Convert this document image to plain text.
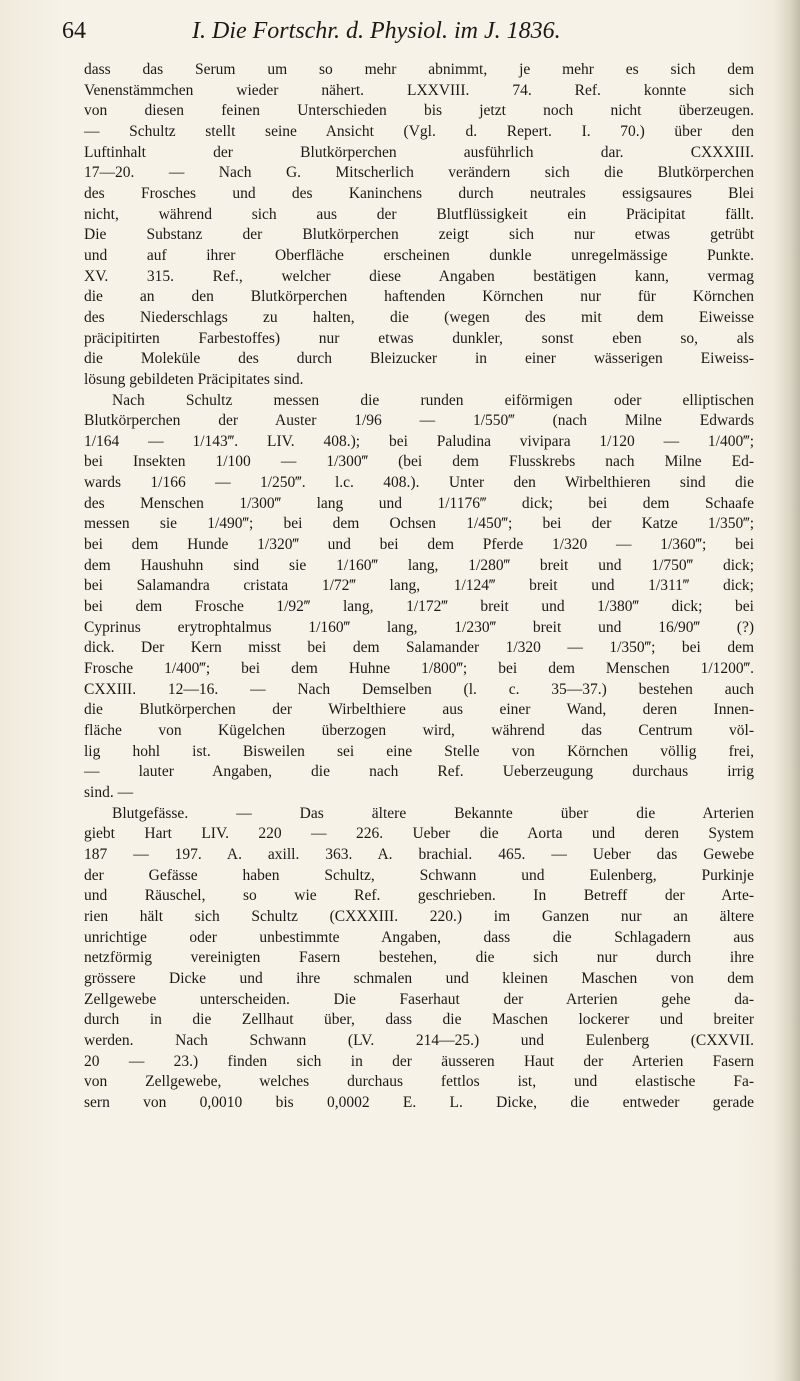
64	I. Die Fortschr. d. Physiol. im J. 1836.

dass das Serum um so mehr abnimmt, je mehr es sich dem

Venenstämmchen wieder nähert. LXXVIII. 74. Ref. konnte sich

von diesen feinen Unterschieden bis jetzt noch nicht überzeugen.

— Schultz stellt seine Ansicht (Vgl. d. Repert. I. 70.) über den

Luftinhalt der Blutkörperchen ausführlich dar. CXXXIII.

17—20. — Nach G. Mitscherlich verändern sich die Blutkörperchen

des Frosches und des Kaninchens durch neutrales essigsaures Blei

nicht, während sich aus der Blutflüssigkeit ein Präcipitat fällt.

Die Substanz der Blutkörperchen zeigt sich nur etwas getrübt

und auf ihrer Oberfläche erscheinen dunkle unregelmässige Punkte.

XV. 315. Ref., welcher diese Angaben bestätigen kann, vermag

die an den Blutkörperchen haftenden Körnchen nur für Körnchen

des Niederschlags zu halten, die (wegen des mit dem Eiweisse

präcipitirten Farbestoffes) nur etwas dunkler, sonst eben so, als

die Moleküle des durch Bleizucker in einer wässerigen Eiweiss-

lösung gebildeten Präcipitates sind.

Nach Schultz messen die runden eiförmigen oder elliptischen

Blutkörperchen der Auster 1/96 — 1/550‴ (nach Milne Edwards

1/164 — 1/143‴. LIV. 408.); bei Paludina vivipara 1/120 — 1/400‴;

bei Insekten 1/100 — 1/300‴ (bei dem Flusskrebs nach Milne Ed-

wards 1/166 — 1/250‴. l.c. 408.). Unter den Wirbelthieren sind die

des Menschen 1/300‴ lang und 1/1176‴ dick; bei dem Schaafe

messen sie 1/490‴; bei dem Ochsen 1/450‴; bei der Katze 1/350‴;

bei dem Hunde 1/320‴ und bei dem Pferde 1/320 — 1/360‴; bei

dem Haushuhn sind sie 1/160‴ lang, 1/280‴ breit und 1/750‴ dick;

bei Salamandra cristata 1/72‴ lang, 1/124‴ breit und 1/311‴ dick;

bei dem Frosche 1/92‴ lang, 1/172‴ breit und 1/380‴ dick; bei

Cyprinus erytrophtalmus 1/160‴ lang, 1/230‴ breit und 16/90‴ (?)

dick. Der Kern misst bei dem Salamander 1/320 — 1/350‴; bei dem

Frosche 1/400‴; bei dem Huhne 1/800‴; bei dem Menschen 1/1200‴.

CXXIII. 12—16. — Nach Demselben (l. c. 35—37.) bestehen auch

die Blutkörperchen der Wirbelthiere aus einer Wand, deren Innen-

fläche von Kügelchen überzogen wird, während das Centrum völ-

lig hohl ist. Bisweilen sei eine Stelle von Körnchen völlig frei,

— lauter Angaben, die nach Ref. Ueberzeugung durchaus irrig

sind. —

Blutgefässe. — Das ältere Bekannte über die Arterien

giebt Hart LIV. 220 — 226. Ueber die Aorta und deren System

187 — 197. A. axill. 363. A. brachial. 465. — Ueber das Gewebe

der Gefässe haben Schultz, Schwann und Eulenberg, Purkinje

und Räuschel, so wie Ref. geschrieben. In Betreff der Arte-

rien hält sich Schultz (CXXXIII. 220.) im Ganzen nur an ältere

unrichtige oder unbestimmte Angaben, dass die Schlagadern aus

netzförmig vereinigten Fasern bestehen, die sich nur durch ihre

grössere Dicke und ihre schmalen und kleinen Maschen von dem

Zellgewebe unterscheiden. Die Faserhaut der Arterien gehe da-

durch in die Zellhaut über, dass die Maschen lockerer und breiter

werden. Nach Schwann (LV. 214—25.) und Eulenberg (CXXVII.

20 — 23.) finden sich in der äusseren Haut der Arterien Fasern

von Zellgewebe, welches durchaus fettlos ist, und elastische Fa-

sern von 0,0010 bis 0,0002 E. L. Dicke, die entweder gerade
